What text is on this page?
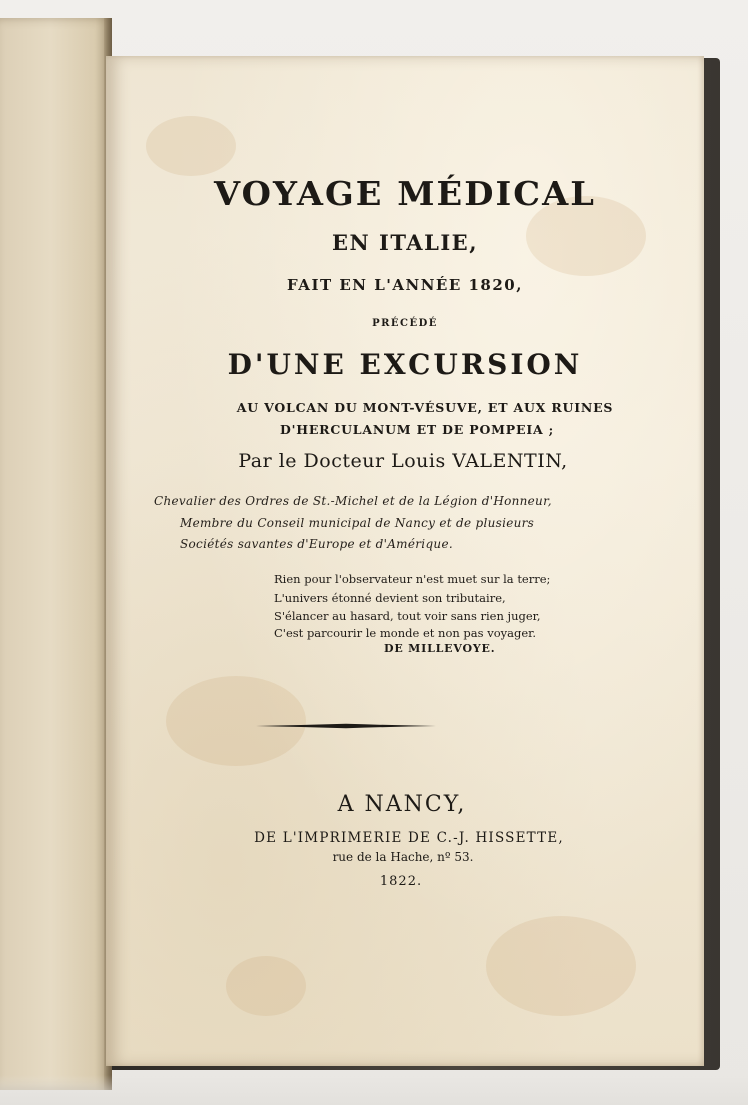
VOYAGE MÉDICAL
EN ITALIE,
FAIT EN L'ANNÉE 1820,
PRÉCÉDÉ
D'UNE EXCURSION
AU VOLCAN DU MONT-VÉSUVE, ET AUX RUINES
D'HERCULANUM ET DE POMPEIA ;
Par le Docteur Louis VALENTIN,
Chevalier des Ordres de St.-Michel et de la Légion d'Honneur,
Membre du Conseil municipal de Nancy et de plusieurs
Sociétés savantes d'Europe et d'Amérique.
Rien pour l'observateur n'est muet sur la terre;
L'univers étonné devient son tributaire,
S'élancer au hasard, tout voir sans rien juger,
C'est parcourir le monde et non pas voyager.
DE MILLEVOYE.
A NANCY,
DE L'IMPRIMERIE DE C.-J. HISSETTE,
rue de la Hache, nº 53.
1822.
